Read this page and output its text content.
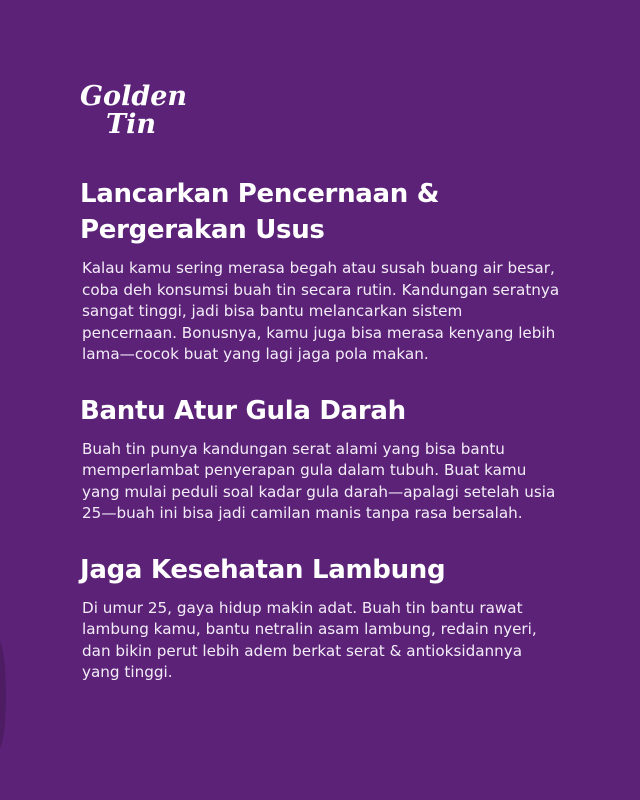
Golden
Tin
Lancarkan Pencernaan & Pergerakan Usus

Kalau kamu sering merasa begah atau susah buang air besar, coba deh konsumsi buah tin secara rutin. Kandungan seratnya sangat tinggi, jadi bisa bantu melancarkan sistem pencernaan. Bonusnya, kamu juga bisa merasa kenyang lebih lama—cocok buat yang lagi jaga pola makan.

Bantu Atur Gula Darah

Buah tin punya kandungan serat alami yang bisa bantu memperlambat penyerapan gula dalam tubuh. Buat kamu yang mulai peduli soal kadar gula darah—apalagi setelah usia 25—buah ini bisa jadi camilan manis tanpa rasa bersalah.

Jaga Kesehatan Lambung

Di umur 25, gaya hidup makin adat. Buah tin bantu rawat lambung kamu, bantu netralin asam lambung, redain nyeri, dan bikin perut lebih adem berkat serat & antioksidannya yang tinggi.
